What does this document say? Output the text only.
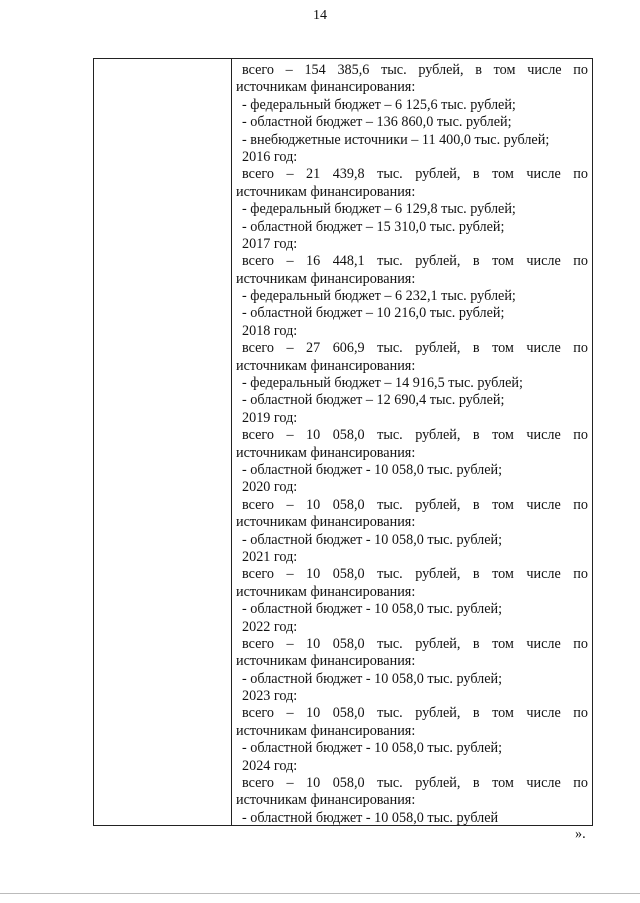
14
всего – 154 385,6 тыс. рублей, в том числе по
источникам финансирования:
- федеральный бюджет – 6 125,6 тыс. рублей;
- областной бюджет – 136 860,0 тыс. рублей;
- внебюджетные источники – 11 400,0 тыс. рублей;
2016 год:
всего – 21 439,8 тыс. рублей, в том числе по
источникам финансирования:
- федеральный бюджет – 6 129,8 тыс. рублей;
- областной бюджет – 15 310,0 тыс. рублей;
2017 год:
всего – 16 448,1 тыс. рублей, в том числе по
источникам финансирования:
- федеральный бюджет – 6 232,1 тыс. рублей;
- областной бюджет – 10 216,0 тыс. рублей;
2018 год:
всего – 27 606,9 тыс. рублей, в том числе по
источникам финансирования:
- федеральный бюджет – 14 916,5 тыс. рублей;
- областной бюджет – 12 690,4 тыс. рублей;
2019 год:
всего – 10 058,0 тыс. рублей, в том числе по
источникам финансирования:
- областной бюджет - 10 058,0 тыс. рублей;
2020 год:
всего – 10 058,0 тыс. рублей, в том числе по
источникам финансирования:
- областной бюджет - 10 058,0 тыс. рублей;
2021 год:
всего – 10 058,0 тыс. рублей, в том числе по
источникам финансирования:
- областной бюджет - 10 058,0 тыс. рублей;
2022 год:
всего – 10 058,0 тыс. рублей, в том числе по
источникам финансирования:
- областной бюджет - 10 058,0 тыс. рублей;
2023 год:
всего – 10 058,0 тыс. рублей, в том числе по
источникам финансирования:
- областной бюджет - 10 058,0 тыс. рублей;
2024 год:
всего – 10 058,0 тыс. рублей, в том числе по
источникам финансирования:
- областной бюджет - 10 058,0 тыс. рублей
».
